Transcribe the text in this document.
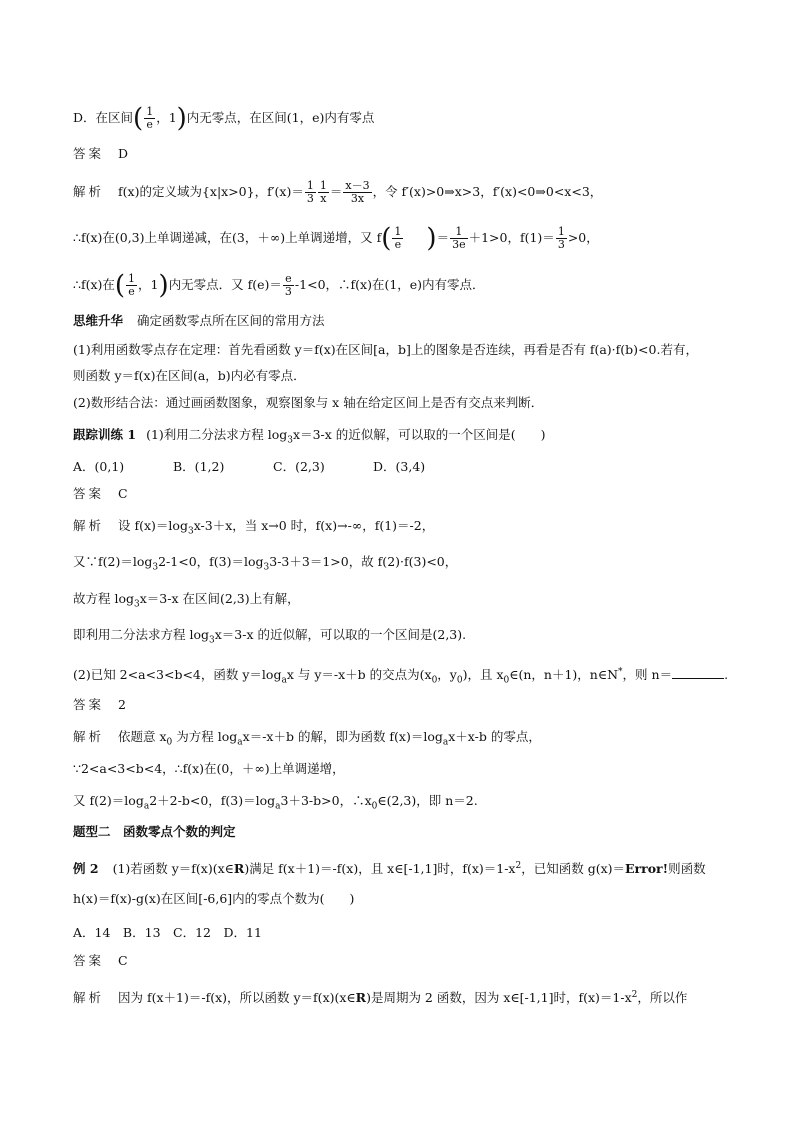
D．在区间( $\frac{1}{e}$ ，1)内无零点，在区间(1，e)内有零点
答案 D
解析 f(x)的定义域为{x|x>0}，$f'(x)= \frac{1}{3} \frac{1}{x} = \frac{x-3}{3x}$ ，令 f′(x)>0⇒x>3，f′(x)<0⇒0<x<3，
∴f(x)在(0,3)上单调递减，在(3，＋∞)上单调递增，又 $f( \frac{1}{e}$ )＝ $\frac{1}{3e} +1>0$，$f(1)= \frac{1}{3} >0$，
∴f(x)在( $\frac{1}{e}$ ，1)内无零点．又 $f(e)= \frac{e}{3} -1<0$，∴f(x)在(1，e)内有零点．
思维升华 确定函数零点所在区间的常用方法
(1)利用函数零点存在定理：首先看函数 y＝f(x)在区间[a，b]上的图象是否连续，再看是否有 f(a)·f(b)<0.若有，
则函数 y＝f(x)在区间(a，b)内必有零点．
(2)数形结合法：通过画函数图象，观察图象与 x 轴在给定区间上是否有交点来判断．
跟踪训练 1 (1)利用二分法求方程 $\log_3x=3-x$ 的近似解，可以取的一个区间是(　　)
A．(0,1)	B．(1,2)	C．(2,3)	D．(3,4)
答案 C
解析 设 $f(x)=\log_3x-3+x$，当 x→0 时，f(x)→-∞，f(1)＝-2，
又$\because f(2)=\log_32-1<0$，$f(3)=\log_33-3+3=1>0$，故 f(2)·f(3)<0，
故方程 $\log_3x=3-x$ 在区间(2,3)上有解，
即利用二分法求方程 $\log_3x=3-x$ 的近似解，可以取的一个区间是(2,3).
(2)已知 2<a<3<b<4，函数 $y=\log_ax$ 与 y＝-x＋b 的交点为($x_0$，$y_0$)，且 $x_0\in(n$，n＋1)，n∈N*，则 n＝	.
答案 2
解析 依题意 $x_0$ 为方程 $\log_ax=-x+b$ 的解，即为函数 $f(x)=\log_ax+x-b$ 的零点，
∵2<a<3<b<4，∴f(x)在(0，＋∞)上单调递增，
又 $f(2)=\log_a2+2-b<0$，$f(3)=\log_a3+3-b>0$，$\therefore x_0\in(2,3)$，即 n＝2.
题型二　函数零点个数的判定
例 2 (1)若函数 y＝f(x)(x∈R)满足 f(x＋1)＝-f(x)，且 x∈[-1,1]时，$f(x)=1-x^2$，已知函数 g(x)＝Error!则函数
h(x)＝f(x)-g(x)在区间[-6,6]内的零点个数为(　　)
A．14　B．13　C．12　D．11
答案 C
解析 因为 f(x＋1)＝-f(x)，所以函数 y＝f(x)(x∈R)是周期为 2 函数，因为 x∈[-1,1]时，$f(x)=1-x^2$，所以作
